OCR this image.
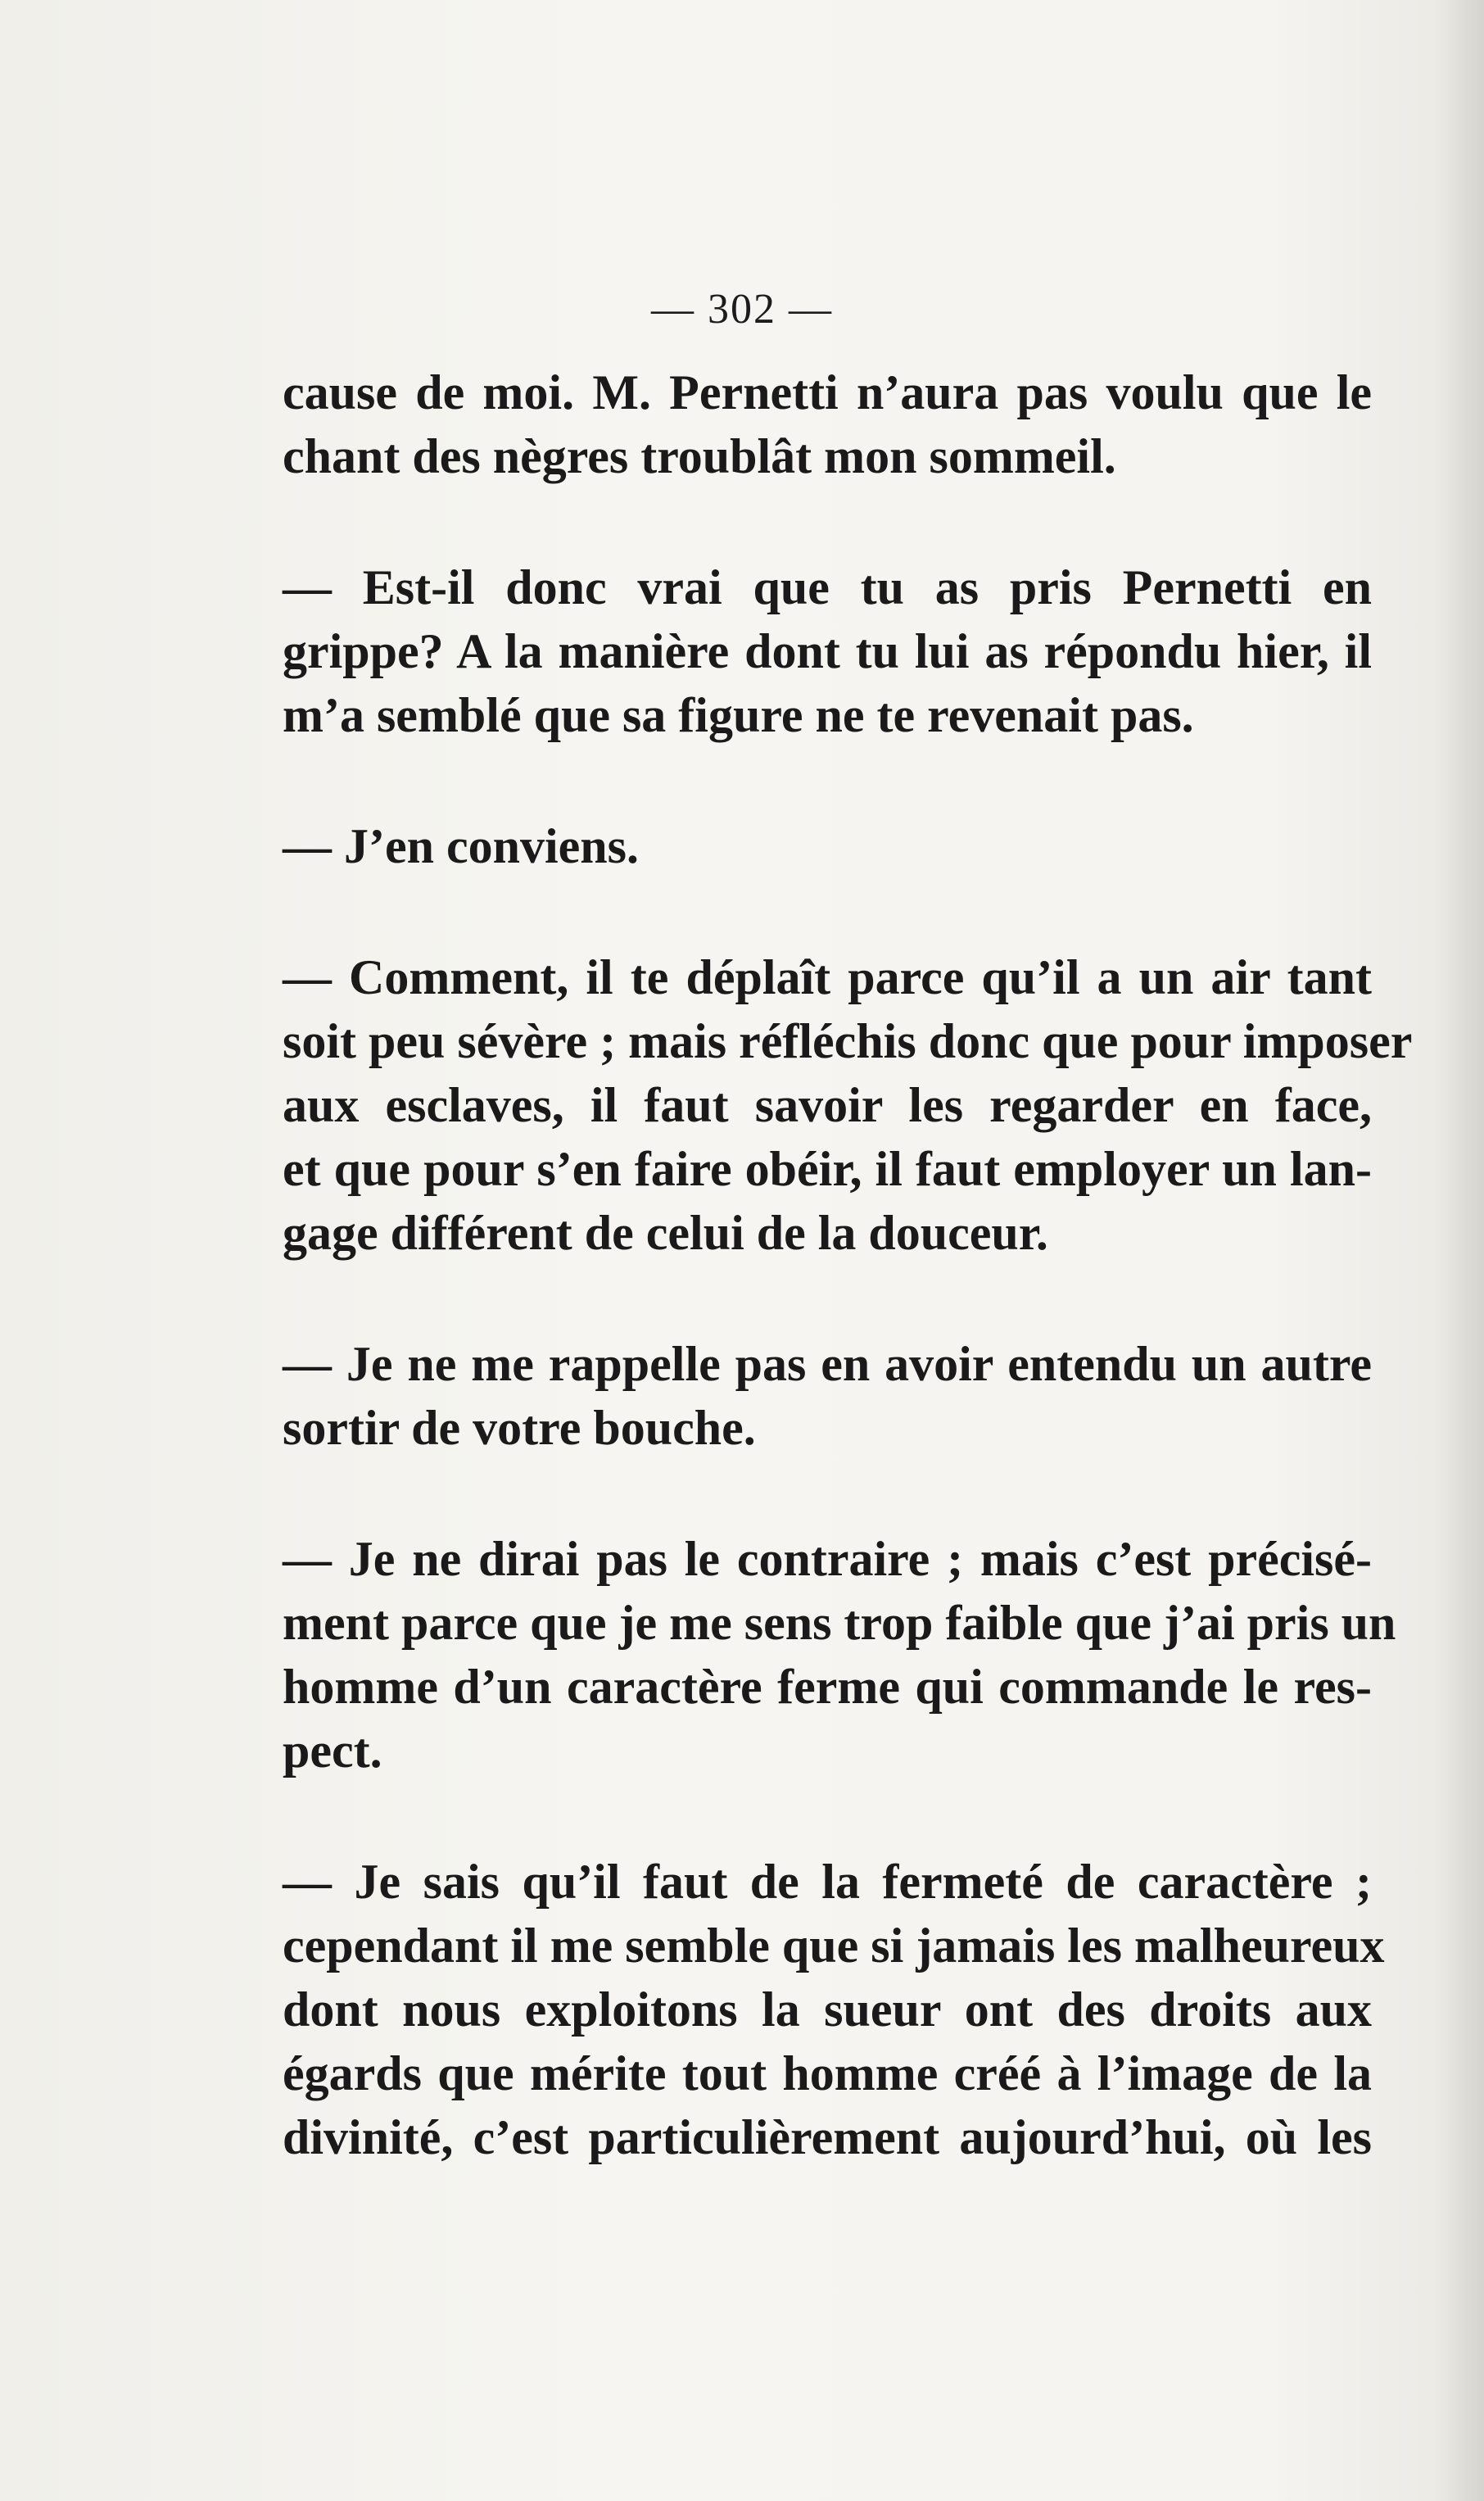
— 302 —

cause de moi. M. Pernetti n’aura pas voulu que le
chant des nègres troublât mon sommeil.

— Est-il donc vrai que tu as pris Pernetti en
grippe? A la manière dont tu lui as répondu hier, il
m’a semblé que sa figure ne te revenait pas.

— J’en conviens.

— Comment, il te déplaît parce qu’il a un air tant
soit peu sévère ; mais réfléchis donc que pour imposer
aux esclaves, il faut savoir les regarder en face,
et que pour s’en faire obéir, il faut employer un lan-
gage différent de celui de la douceur.

— Je ne me rappelle pas en avoir entendu un autre
sortir de votre bouche.

— Je ne dirai pas le contraire ; mais c’est précisé-
ment parce que je me sens trop faible que j’ai pris un
homme d’un caractère ferme qui commande le res-
pect.

— Je sais qu’il faut de la fermeté de caractère ;
cependant il me semble que si jamais les malheureux
dont nous exploitons la sueur ont des droits aux
égards que mérite tout homme créé à l’image de la
divinité, c’est particulièrement aujourd’hui, où les
